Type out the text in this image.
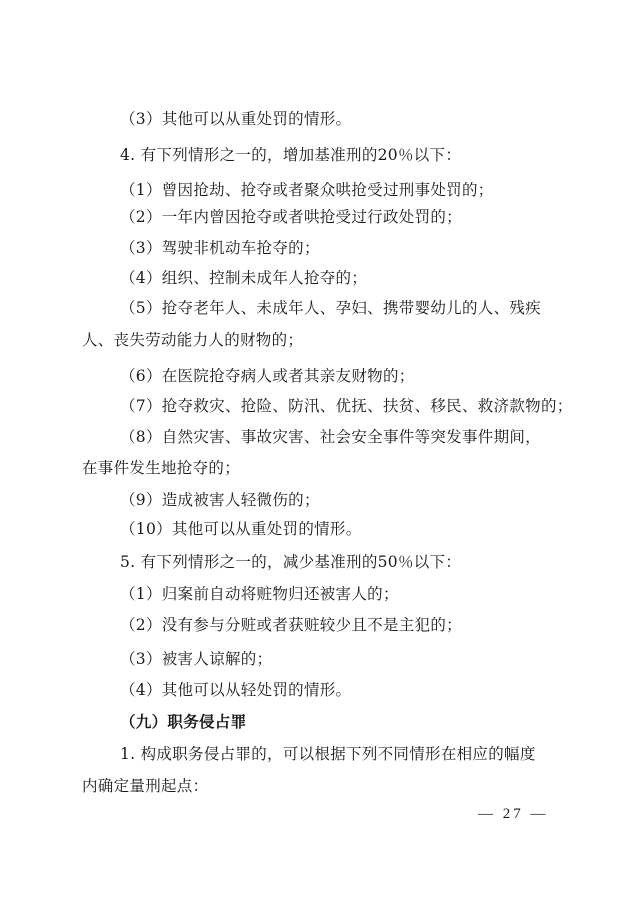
（3）其他可以从重处罚的情形。
4. 有下列情形之一的，增加基准刑的20％以下：
（1）曾因抢劫、抢夺或者聚众哄抢受过刑事处罚的；
（2）一年内曾因抢夺或者哄抢受过行政处罚的；
（3）驾驶非机动车抢夺的；
（4）组织、控制未成年人抢夺的；
（5）抢夺老年人、未成年人、孕妇、携带婴幼儿的人、残疾
人、丧失劳动能力人的财物的；
（6）在医院抢夺病人或者其亲友财物的；
（7）抢夺救灾、抢险、防汛、优抚、扶贫、移民、救济款物的；
（8）自然灾害、事故灾害、社会安全事件等突发事件期间，
在事件发生地抢夺的；
（9）造成被害人轻微伤的；
（10）其他可以从重处罚的情形。
5. 有下列情形之一的，减少基准刑的50％以下：
（1）归案前自动将赃物归还被害人的；
（2）没有参与分赃或者获赃较少且不是主犯的；
（3）被害人谅解的；
（4）其他可以从轻处罚的情形。
（九）职务侵占罪
1. 构成职务侵占罪的，可以根据下列不同情形在相应的幅度
内确定量刑起点：
— 27 —
